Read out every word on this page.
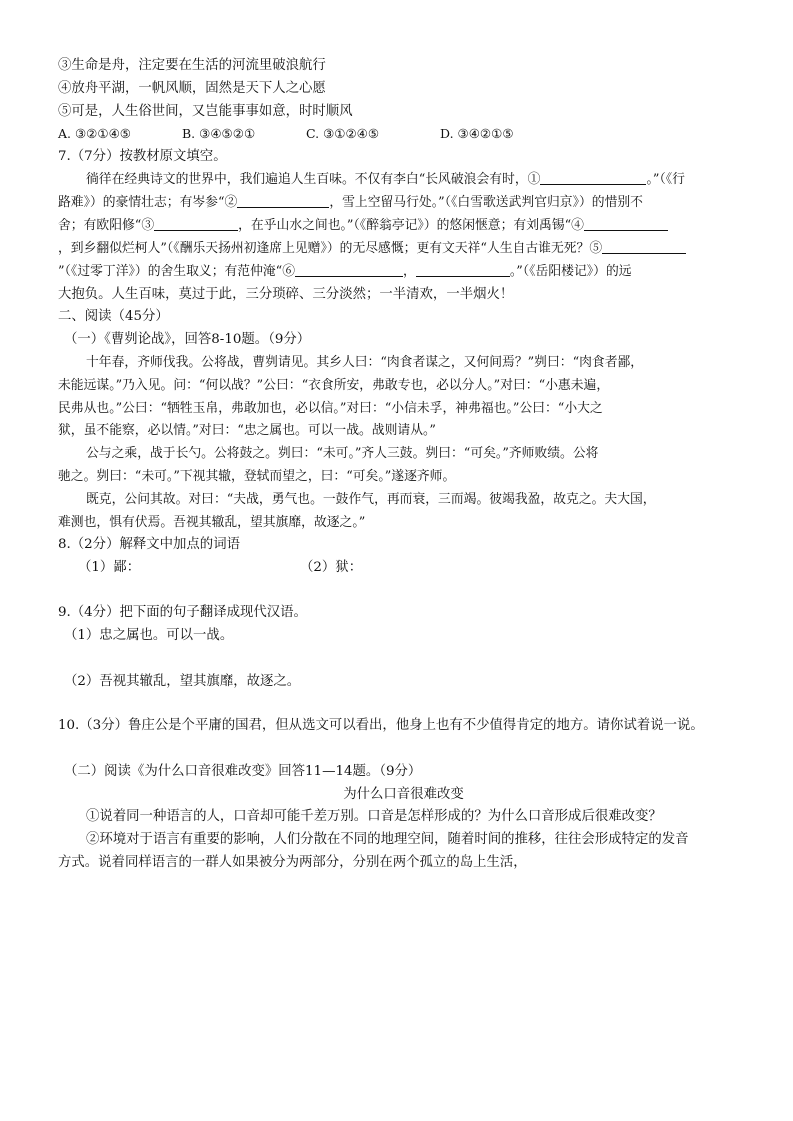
③生命是舟，注定要在生活的河流里破浪航行
④放舟平湖，一帆风顺，固然是天下人之心愿
⑤可是，人生俗世间，又岂能事事如意，时时顺风
A. ③②①④⑤	B. ③④⑤②①	C. ③①②④⑤	D. ③④②①⑤
7.（7分）按教材原文填空。
徜徉在经典诗文的世界中，我们遍追人生百味。不仅有李白“长风破浪会有时，①	。”（《行
路难》）的豪情壮志；有岑参“②	，雪上空留马行处。”（《白雪歌送武判官归京》）的惜别不
舍；有欧阳修“③	，在乎山水之间也。”（《醉翁亭记》）的悠闲惬意；有刘禹锡“④
，到乡翻似烂柯人”（《酬乐天扬州初逢席上见赠》）的无尽感慨；更有文天祥“人生自古谁无死？⑤
”（《过零丁洋》）的舍生取义；有范仲淹“⑥	，	。”（《岳阳楼记》）的远
大抱负。人生百味，莫过于此，三分琐碎、三分淡然；一半清欢，一半烟火！
二、阅读（45分）
（一）《曹刿论战》，回答8-10题。（9分）
十年春，齐师伐我。公将战，曹刿请见。其乡人曰：“肉食者谋之，又何间焉？”刿曰：“肉食者鄙，
未能远谋。”乃入见。问：“何以战？”公曰：“衣食所安，弗敢专也，必以分人。”对曰：“小惠未遍，
民弗从也。”公曰：“牺牲玉帛，弗敢加也，必以信。”对曰：“小信未孚，神弗福也。”公曰：“小大之
狱，虽不能察，必以情。”对曰：“忠之属也。可以一战。战则请从。”
公与之乘，战于长勺。公将鼓之。刿曰：“未可。”齐人三鼓。刿曰：“可矣。”齐师败绩。公将
驰之。刿曰：“未可。”下视其辙，登轼而望之，曰：“可矣。”遂逐齐师。
既克，公问其故。对曰：“夫战，勇气也。一鼓作气，再而衰，三而竭。彼竭我盈，故克之。夫大国，
难测也，惧有伏焉。吾视其辙乱，望其旗靡，故逐之。”
8.（2分）解释文中加点的词语
（1）鄙：	（2）狱：
9.（4分）把下面的句子翻译成现代汉语。
（1）忠之属也。可以一战。
（2）吾视其辙乱，望其旗靡，故逐之。
10.（3分）鲁庄公是个平庸的国君，但从选文可以看出，他身上也有不少值得肯定的地方。请你试着说一说。
（二）阅读《为什么口音很难改变》回答11—14题。（9分）
为什么口音很难改变
①说着同一种语言的人，口音却可能千差万别。口音是怎样形成的？为什么口音形成后很难改变？
②环境对于语言有重要的影响，人们分散在不同的地理空间，随着时间的推移，往往会形成特定的发音
方式。说着同样语言的一群人如果被分为两部分，分别在两个孤立的岛上生活，
